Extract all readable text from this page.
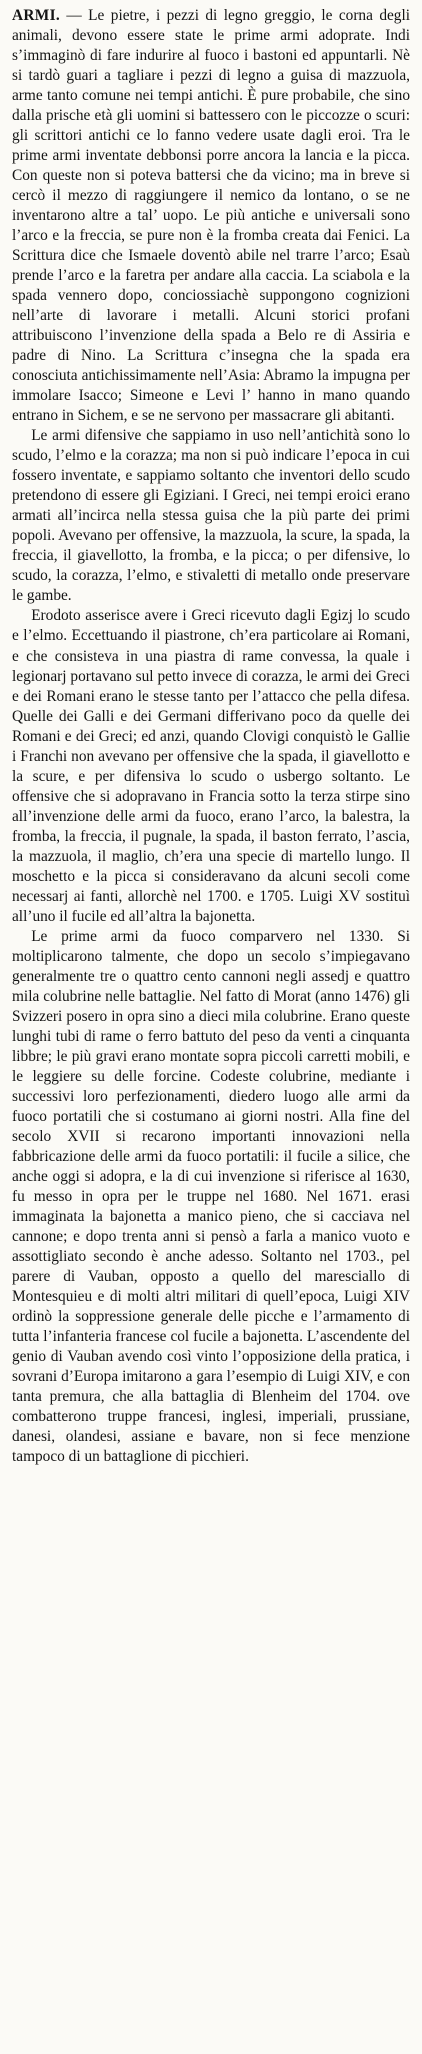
ARMI. — Le pietre, i pezzi di legno greggio, le corna degli animali, devono essere state le prime armi adoprate. Indi s’immaginò di fare indurire al fuoco i bastoni ed appuntarli. Nè si tardò guari a tagliare i pezzi di legno a guisa di mazzuola, arme tanto comune nei tempi antichi. È pure probabile, che sino dalla prische età gli uomini si battessero con le piccozze o scuri: gli scrittori antichi ce lo fanno vedere usate dagli eroi. Tra le prime armi inventate debbonsi porre ancora la lancia e la picca. Con queste non si poteva battersi che da vicino; ma in breve si cercò il mezzo di raggiungere il nemico da lontano, o se ne inventarono altre a tal’ uopo. Le più antiche e universali sono l’arco e la freccia, se pure non è la fromba creata dai Fenici. La Scrittura dice che Ismaele doventò abile nel trarre l’arco; Esaù prende l’arco e la faretra per andare alla caccia. La sciabola e la spada vennero dopo, conciossiachè suppongono cognizioni nell’arte di lavorare i metalli. Alcuni storici profani attribuiscono l’invenzione della spada a Belo re di Assiria e padre di Nino. La Scrittura c’insegna che la spada era conosciuta antichissimamente nell’Asia: Abramo la impugna per immolare Isacco; Simeone e Levi l’ hanno in mano quando entrano in Sichem, e se ne servono per massacrare gli abitanti.

Le armi difensive che sappiamo in uso nell’antichità sono lo scudo, l’elmo e la corazza; ma non si può indicare l’epoca in cui fossero inventate, e sappiamo soltanto che inventori dello scudo pretendono di essere gli Egiziani. I Greci, nei tempi eroici erano armati all’incirca nella stessa guisa che la più parte dei primi popoli. Avevano per offensive, la mazzuola, la scure, la spada, la freccia, il giavellotto, la fromba, e la picca; o per difensive, lo scudo, la corazza, l’elmo, e stivaletti di metallo onde preservare le gambe.

Erodoto asserisce avere i Greci ricevuto dagli Egizj lo scudo e l’elmo. Eccettuando il piastrone, ch’era particolare ai Romani, e che consisteva in una piastra di rame convessa, la quale i legionarj portavano sul petto invece di corazza, le armi dei Greci e dei Romani erano le stesse tanto per l’attacco che pella difesa. Quelle dei Galli e dei Germani differivano poco da quelle dei Romani e dei Greci; ed anzi, quando Clovigi conquistò le Gallie i Franchi non avevano per offensive che la spada, il giavellotto e la scure, e per difensiva lo scudo o usbergo soltanto. Le offensive che si adopravano in Francia sotto la terza stirpe sino all’invenzione delle armi da fuoco, erano l’arco, la balestra, la fromba, la freccia, il pugnale, la spada, il baston ferrato, l’ascia, la mazzuola, il maglio, ch’era una specie di martello lungo. Il moschetto e la picca si consideravano da alcuni secoli come necessarj ai fanti, allorchè nel 1700. e 1705. Luigi XV sostituì all’uno il fucile ed all’altra la bajonetta.

Le prime armi da fuoco comparvero nel 1330. Si moltiplicarono talmente, che dopo un secolo s’impiegavano generalmente tre o quattro cento cannoni negli assedj e quattro mila colubrine nelle battaglie. Nel fatto di Morat (anno 1476) gli Svizzeri posero in opra sino a dieci mila colubrine. Erano queste lunghi tubi di rame o ferro battuto del peso da venti a cinquanta libbre; le più gravi erano montate sopra piccoli carretti mobili, e le leggiere su delle forcine. Codeste colubrine, mediante i successivi loro perfezionamenti, diedero luogo alle armi da fuoco portatili che si costumano ai giorni nostri. Alla fine del secolo XVII si recarono importanti innovazioni nella fabbricazione delle armi da fuoco portatili: il fucile a silice, che anche oggi si adopra, e la di cui invenzione si riferisce al 1630, fu messo in opra per le truppe nel 1680. Nel 1671. erasi immaginata la bajonetta a manico pieno, che si cacciava nel cannone; e dopo trenta anni si pensò a farla a manico vuoto e assottigliato secondo è anche adesso. Soltanto nel 1703., pel parere di Vauban, opposto a quello del maresciallo di Montesquieu e di molti altri militari di quell’epoca, Luigi XIV ordinò la soppressione generale delle picche e l’armamento di tutta l’infanteria francese col fucile a bajonetta. L’ascendente del genio di Vauban avendo così vinto l’opposizione della pratica, i sovrani d’Europa imitarono a gara l’esempio di Luigi XIV, e con tanta premura, che alla battaglia di Blenheim del 1704. ove combatterono truppe francesi, inglesi, imperiali, prussiane, danesi, olandesi, assiane e bavare, non si fece menzione tampoco di un battaglione di picchieri.
